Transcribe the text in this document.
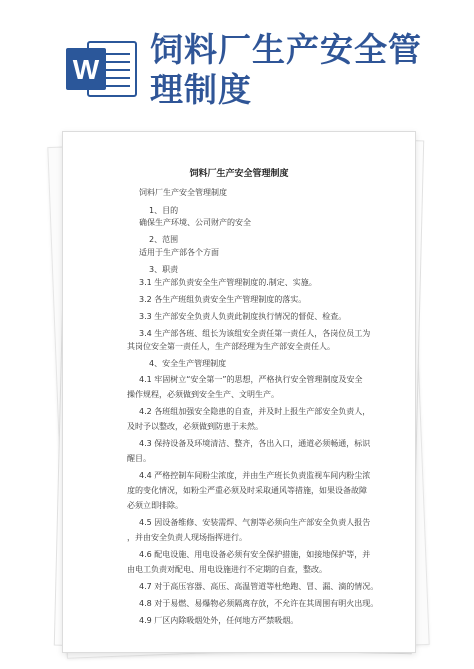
W

饲料厂生产安全管

理制度

饲料厂生产安全管理制度
饲料厂生产安全管理制度
1、目的
确保生产环境、公司财产的安全
2、范围
适用于生产部各个方面
3、职责
3.1 生产部负责安全生产管理制度的.制定、实施。
3.2 各生产班组负责安全生产管理制度的落实。
3.3 生产部安全负责人负责此制度执行情况的督促、检查。
3.4 生产部各班、组长为该组安全责任第一责任人，各岗位员工为
其岗位安全第一责任人，生产部经理为生产部安全责任人。
4、安全生产管理制度
4.1 牢固树立“安全第一”的思想，严格执行安全管理制度及安全
操作规程，必须做到安全生产、文明生产。
4.2 各班组加强安全隐患的自查，并及时上报生产部安全负责人，
及时予以整改，必须做到防患于未然。
4.3 保持设备及环境清洁、整齐，各出入口，通道必须畅通，标识
醒目。
4.4 严格控制车间粉尘浓度，并由生产班长负责监视车间内粉尘浓
度的变化情况，如粉尘严重必须及时采取通风等措施，如果设备故障
必须立即排除。
4.5 因设备维修、安装需焊、气割等必须向生产部安全负责人报告
，并由安全负责人现场指挥进行。
4.6 配电设施、用电设备必须有安全保护措施，如接地保护等，并
由电工负责对配电、用电设施进行不定期的自查，整改。
4.7 对于高压容器、高压、高温管道等杜绝跑、冒、漏、滴的情况。
4.8 对于易燃、易爆物必须隔离存放，不允许在其周围有明火出现。
4.9 厂区内除吸烟处外，任何地方严禁吸烟。
